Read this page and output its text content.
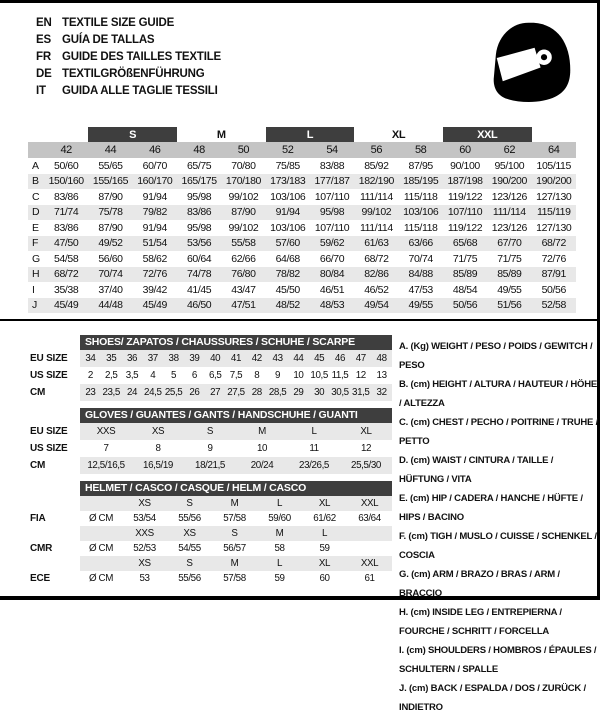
EN TEXTILE SIZE GUIDE
ES GUÍA DE TALLAS
FR GUIDE DES TAILLES TEXTILE
DE TEXTILGRÖßENFÜHRUNG
IT	GUIDA ALLE TAGLIE TESSILI
		S		M		L		XL		XXL		
	42	44	46	48	50	52	54	56	58	60	62	64
A	50/60	55/65	60/70	65/75	70/80	75/85	83/88	85/92	87/95	90/100	95/100	105/115
B	150/160	155/165	160/170	165/175	170/180	173/183	177/187	182/190	185/195	187/198	190/200	190/200
C	83/86	87/90	91/94	95/98	99/102	103/106	107/110	111/114	115/118	119/122	123/126	127/130
D	71/74	75/78	79/82	83/86	87/90	91/94	95/98	99/102	103/106	107/110	111/114	115/119
E	83/86	87/90	91/94	95/98	99/102	103/106	107/110	111/114	115/118	119/122	123/126	127/130
F	47/50	49/52	51/54	53/56	55/58	57/60	59/62	61/63	63/66	65/68	67/70	68/72
G	54/58	56/60	58/62	60/64	62/66	64/68	66/70	68/72	70/74	71/75	71/75	72/76
H	68/72	70/74	72/76	74/78	76/80	78/82	80/84	82/86	84/88	85/89	85/89	87/91
I	35/38	37/40	39/42	41/45	43/47	45/50	46/51	46/52	47/53	48/54	49/55	50/56
J	45/49	44/48	45/49	46/50	47/51	48/52	48/53	49/54	49/55	50/56	51/56	52/58
SHOES/ ZAPATOS / CHAUSSURES / SCHUHE / SCARPE
EU SIZE	34	35	36	37	38	39	40	41	42	43	44	45	46	47	48
US SIZE	2	2,5	3,5	4	5	6	6,5	7,5	8	9	10	10,5	11,5	12	13
CM	23	23,5	24	24,5	25,5	26	27	27,5	28	28,5	29	30	30,5	31,5	32
GLOVES / GUANTES / GANTS / HANDSCHUHE / GUANTI
EU SIZE	XXS	XS	S	M	L	XL
US SIZE	7	8	9	10	11	12
CM	12,5/16,5	16,5/19	18/21,5	20/24	23/26,5	25,5/30
HELMET / CASCO / CASQUE / HELM / CASCO
		XS	S	M	L	XL	XXL
FIA	Ø CM	53/54	55/56	57/58	59/60	61/62	63/64
		XXS	XS	S	M	L	
CMR	Ø CM	52/53	54/55	56/57	58	59	
		XS	S	M	L	XL	XXL
ECE	Ø CM	53	55/56	57/58	59	60	61
A. (Kg) WEIGHT / PESO / POIDS / GEWITCH / PESO
B. (cm) HEIGHT / ALTURA / HAUTEUR / HÖHE / ALTEZZA
C. (cm) CHEST / PECHO / POITRINE / TRUHE / PETTO
D. (cm) WAIST / CINTURA / TAILLE / HÜFTUNG / VITA
E. (cm) HIP / CADERA / HANCHE / HÜFTE / HIPS / BACINO
F. (cm) TIGH / MUSLO / CUISSE / SCHENKEL / COSCIA
G. (cm) ARM / BRAZO / BRAS / ARM / BRACCIO
H. (cm) INSIDE LEG / ENTREPIERNA / FOURCHE / SCHRITT / FORCELLA
I. (cm) SHOULDERS / HOMBROS / ÉPAULES / SCHULTERN / SPALLE
J. (cm) BACK / ESPALDA / DOS / ZURÜCK / INDIETRO
